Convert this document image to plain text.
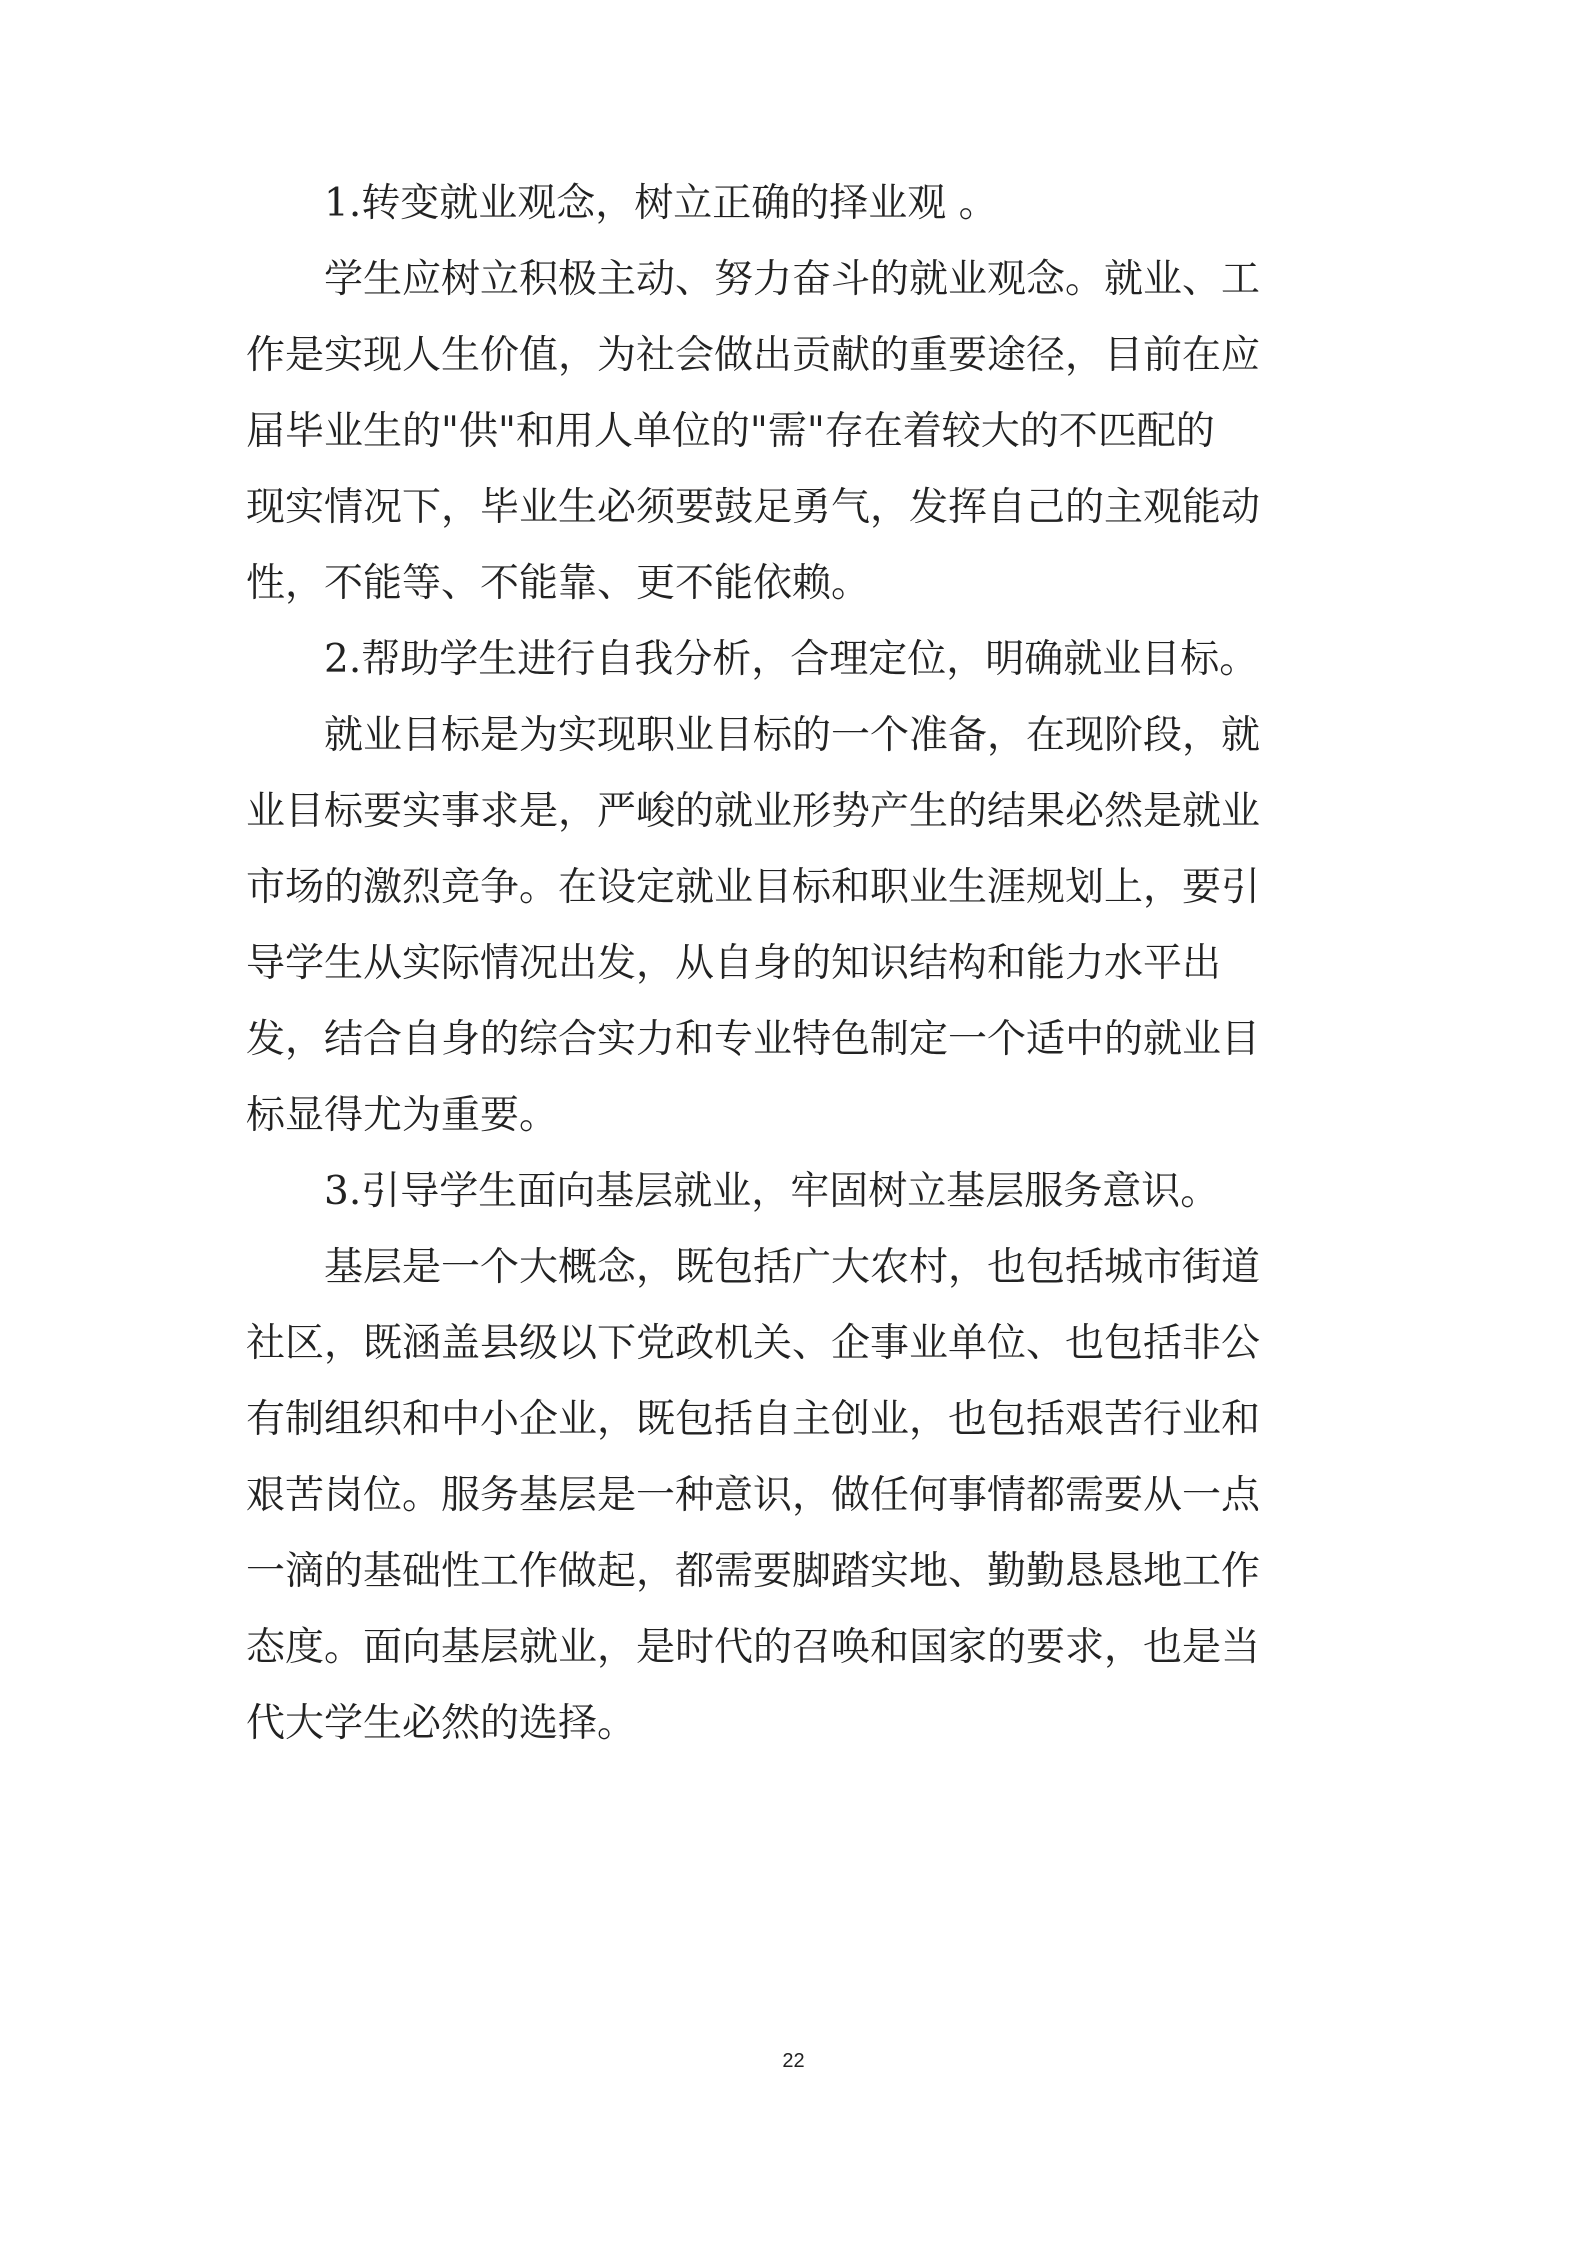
1.转变就业观念，树立正确的择业观 。
学生应树立积极主动、努力奋斗的就业观念。就业、工
作是实现人生价值，为社会做出贡献的重要途径，目前在应
届毕业生的"供"和用人单位的"需"存在着较大的不匹配的
现实情况下，毕业生必须要鼓足勇气，发挥自己的主观能动
性，不能等、不能靠、更不能依赖。
2.帮助学生进行自我分析，合理定位，明确就业目标。
就业目标是为实现职业目标的一个准备，在现阶段，就
业目标要实事求是，严峻的就业形势产生的结果必然是就业
市场的激烈竞争。在设定就业目标和职业生涯规划上，要引
导学生从实际情况出发，从自身的知识结构和能力水平出
发，结合自身的综合实力和专业特色制定一个适中的就业目
标显得尤为重要。
3.引导学生面向基层就业，牢固树立基层服务意识。
基层是一个大概念，既包括广大农村，也包括城市街道
社区，既涵盖县级以下党政机关、企事业单位、也包括非公
有制组织和中小企业，既包括自主创业，也包括艰苦行业和
艰苦岗位。服务基层是一种意识，做任何事情都需要从一点
一滴的基础性工作做起，都需要脚踏实地、勤勤恳恳地工作
态度。面向基层就业，是时代的召唤和国家的要求，也是当
代大学生必然的选择。
22
